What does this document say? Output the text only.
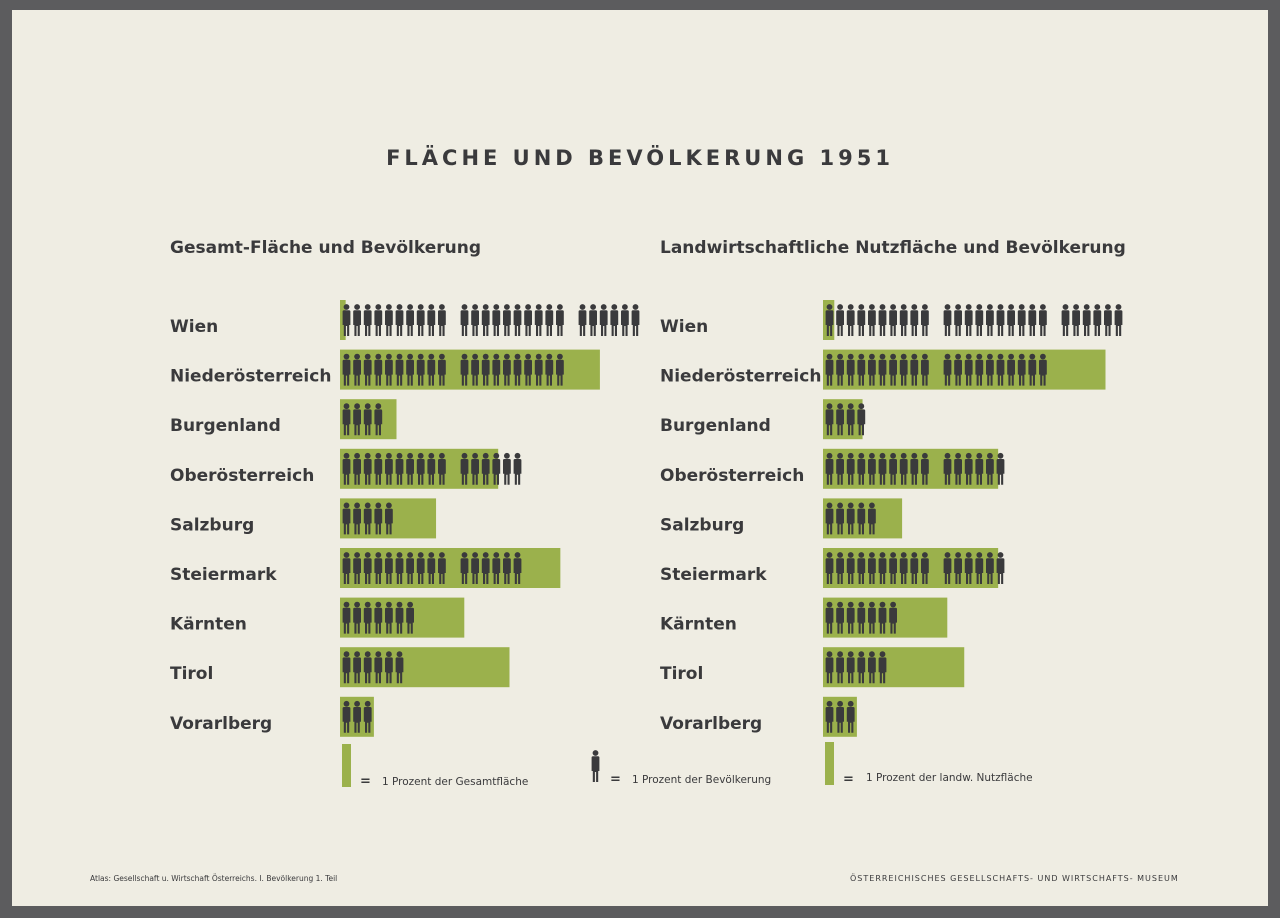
FLÄCHE UND BEVÖLKERUNG 1951
Gesamt-Fläche und Bevölkerung	Landwirtschaftliche Nutzfläche und Bevölkerung
Wien
Niederösterreich
Burgenland
Oberösterreich
Salzburg
Steiermark
Kärnten
Tirol
Vorarlberg
Wien
Niederösterreich
Burgenland
Oberösterreich
Salzburg
Steiermark
Kärnten
Tirol
Vorarlberg
= 1 Prozent der Gesamtfläche	= 1 Prozent der Bevölkerung	= 1 Prozent der landw. Nutzfläche
Atlas: Gesellschaft u. Wirtschaft Österreichs. I. Bevölkerung 1. Teil	ÖSTERREICHISCHES GESELLSCHAFTS- UND WIRTSCHAFTS- MUSEUM
